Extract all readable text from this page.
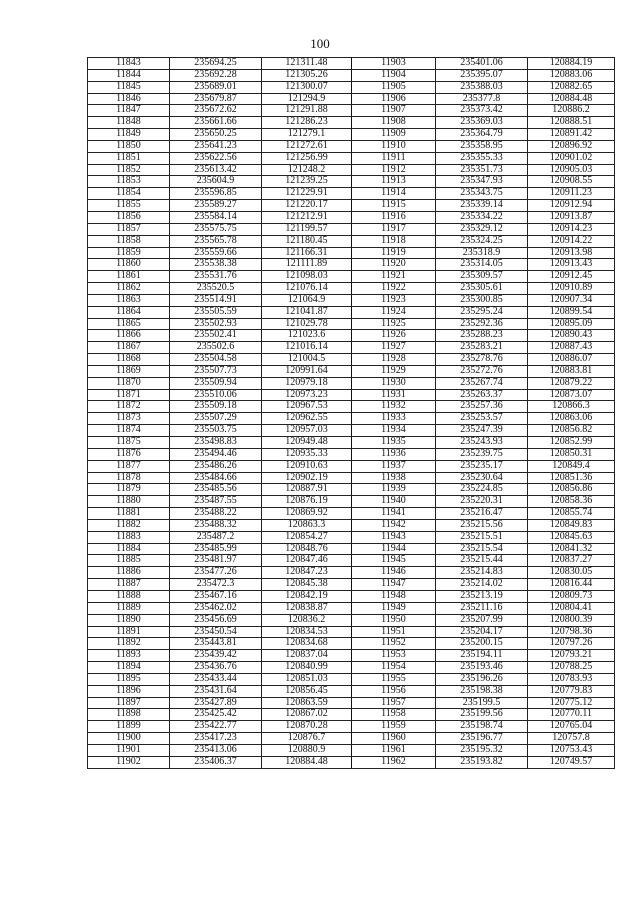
100
11843	235694.25	121311.48	11903	235401.06	120884.19
11844	235692.28	121305.26	11904	235395.07	120883.06
11845	235689.01	121300.07	11905	235388.03	120882.65
11846	235679.87	121294.9	11906	235377.8	120884.48
11847	235672.62	121291.88	11907	235373.42	120886.2
11848	235661.66	121286.23	11908	235369.03	120888.51
11849	235650.25	121279.1	11909	235364.79	120891.42
11850	235641.23	121272.61	11910	235358.95	120896.92
11851	235622.56	121256.99	11911	235355.33	120901.02
11852	235613.42	121248.2	11912	235351.73	120905.03
11853	235604.9	121239.25	11913	235347.93	120908.55
11854	235596.85	121229.91	11914	235343.75	120911.23
11855	235589.27	121220.17	11915	235339.14	120912.94
11856	235584.14	121212.91	11916	235334.22	120913.87
11857	235575.75	121199.57	11917	235329.12	120914.23
11858	235565.78	121180.45	11918	235324.25	120914.22
11859	235559.66	121166.31	11919	235318.9	120913.98
11860	235538.38	121111.89	11920	235314.05	120913.43
11861	235531.76	121098.03	11921	235309.57	120912.45
11862	235520.5	121076.14	11922	235305.61	120910.89
11863	235514.91	121064.9	11923	235300.85	120907.34
11864	235505.59	121041.87	11924	235295.24	120899.54
11865	235502.93	121029.78	11925	235292.36	120895.09
11866	235502.41	121023.6	11926	235288.23	120890.43
11867	235502.6	121016.14	11927	235283.21	120887.43
11868	235504.58	121004.5	11928	235278.76	120886.07
11869	235507.73	120991.64	11929	235272.76	120883.81
11870	235509.94	120979.18	11930	235267.74	120879.22
11871	235510.06	120973.23	11931	235263.37	120873.07
11872	235509.18	120967.53	11932	235257.36	120866.3
11873	235507.29	120962.55	11933	235253.57	120863.06
11874	235503.75	120957.03	11934	235247.39	120856.82
11875	235498.83	120949.48	11935	235243.93	120852.99
11876	235494.46	120935.33	11936	235239.75	120850.31
11877	235486.26	120910.63	11937	235235.17	120849.4
11878	235484.66	120902.19	11938	235230.64	120851.36
11879	235485.56	120887.91	11939	235224.85	120856.86
11880	235487.55	120876.19	11940	235220.31	120858.36
11881	235488.22	120869.92	11941	235216.47	120855.74
11882	235488.32	120863.3	11942	235215.56	120849.83
11883	235487.2	120854.27	11943	235215.51	120845.63
11884	235485.99	120848.76	11944	235215.54	120841.32
11885	235481.97	120847.46	11945	235215.44	120837.27
11886	235477.26	120847.23	11946	235214.83	120830.05
11887	235472.3	120845.38	11947	235214.02	120816.44
11888	235467.16	120842.19	11948	235213.19	120809.73
11889	235462.02	120838.87	11949	235211.16	120804.41
11890	235456.69	120836.2	11950	235207.99	120800.39
11891	235450.54	120834.53	11951	235204.17	120798.36
11892	235443.81	120834.68	11952	235200.15	120797.26
11893	235439.42	120837.04	11953	235194.11	120793.21
11894	235436.76	120840.99	11954	235193.46	120788.25
11895	235433.44	120851.03	11955	235196.26	120783.93
11896	235431.64	120856.45	11956	235198.38	120779.83
11897	235427.89	120863.59	11957	235199.5	120775.12
11898	235425.42	120867.02	11958	235199.56	120770.11
11899	235422.77	120870.28	11959	235198.74	120765.04
11900	235417.23	120876.7	11960	235196.77	120757.8
11901	235413.06	120880.9	11961	235195.32	120753.43
11902	235406.37	120884.48	11962	235193.82	120749.57
